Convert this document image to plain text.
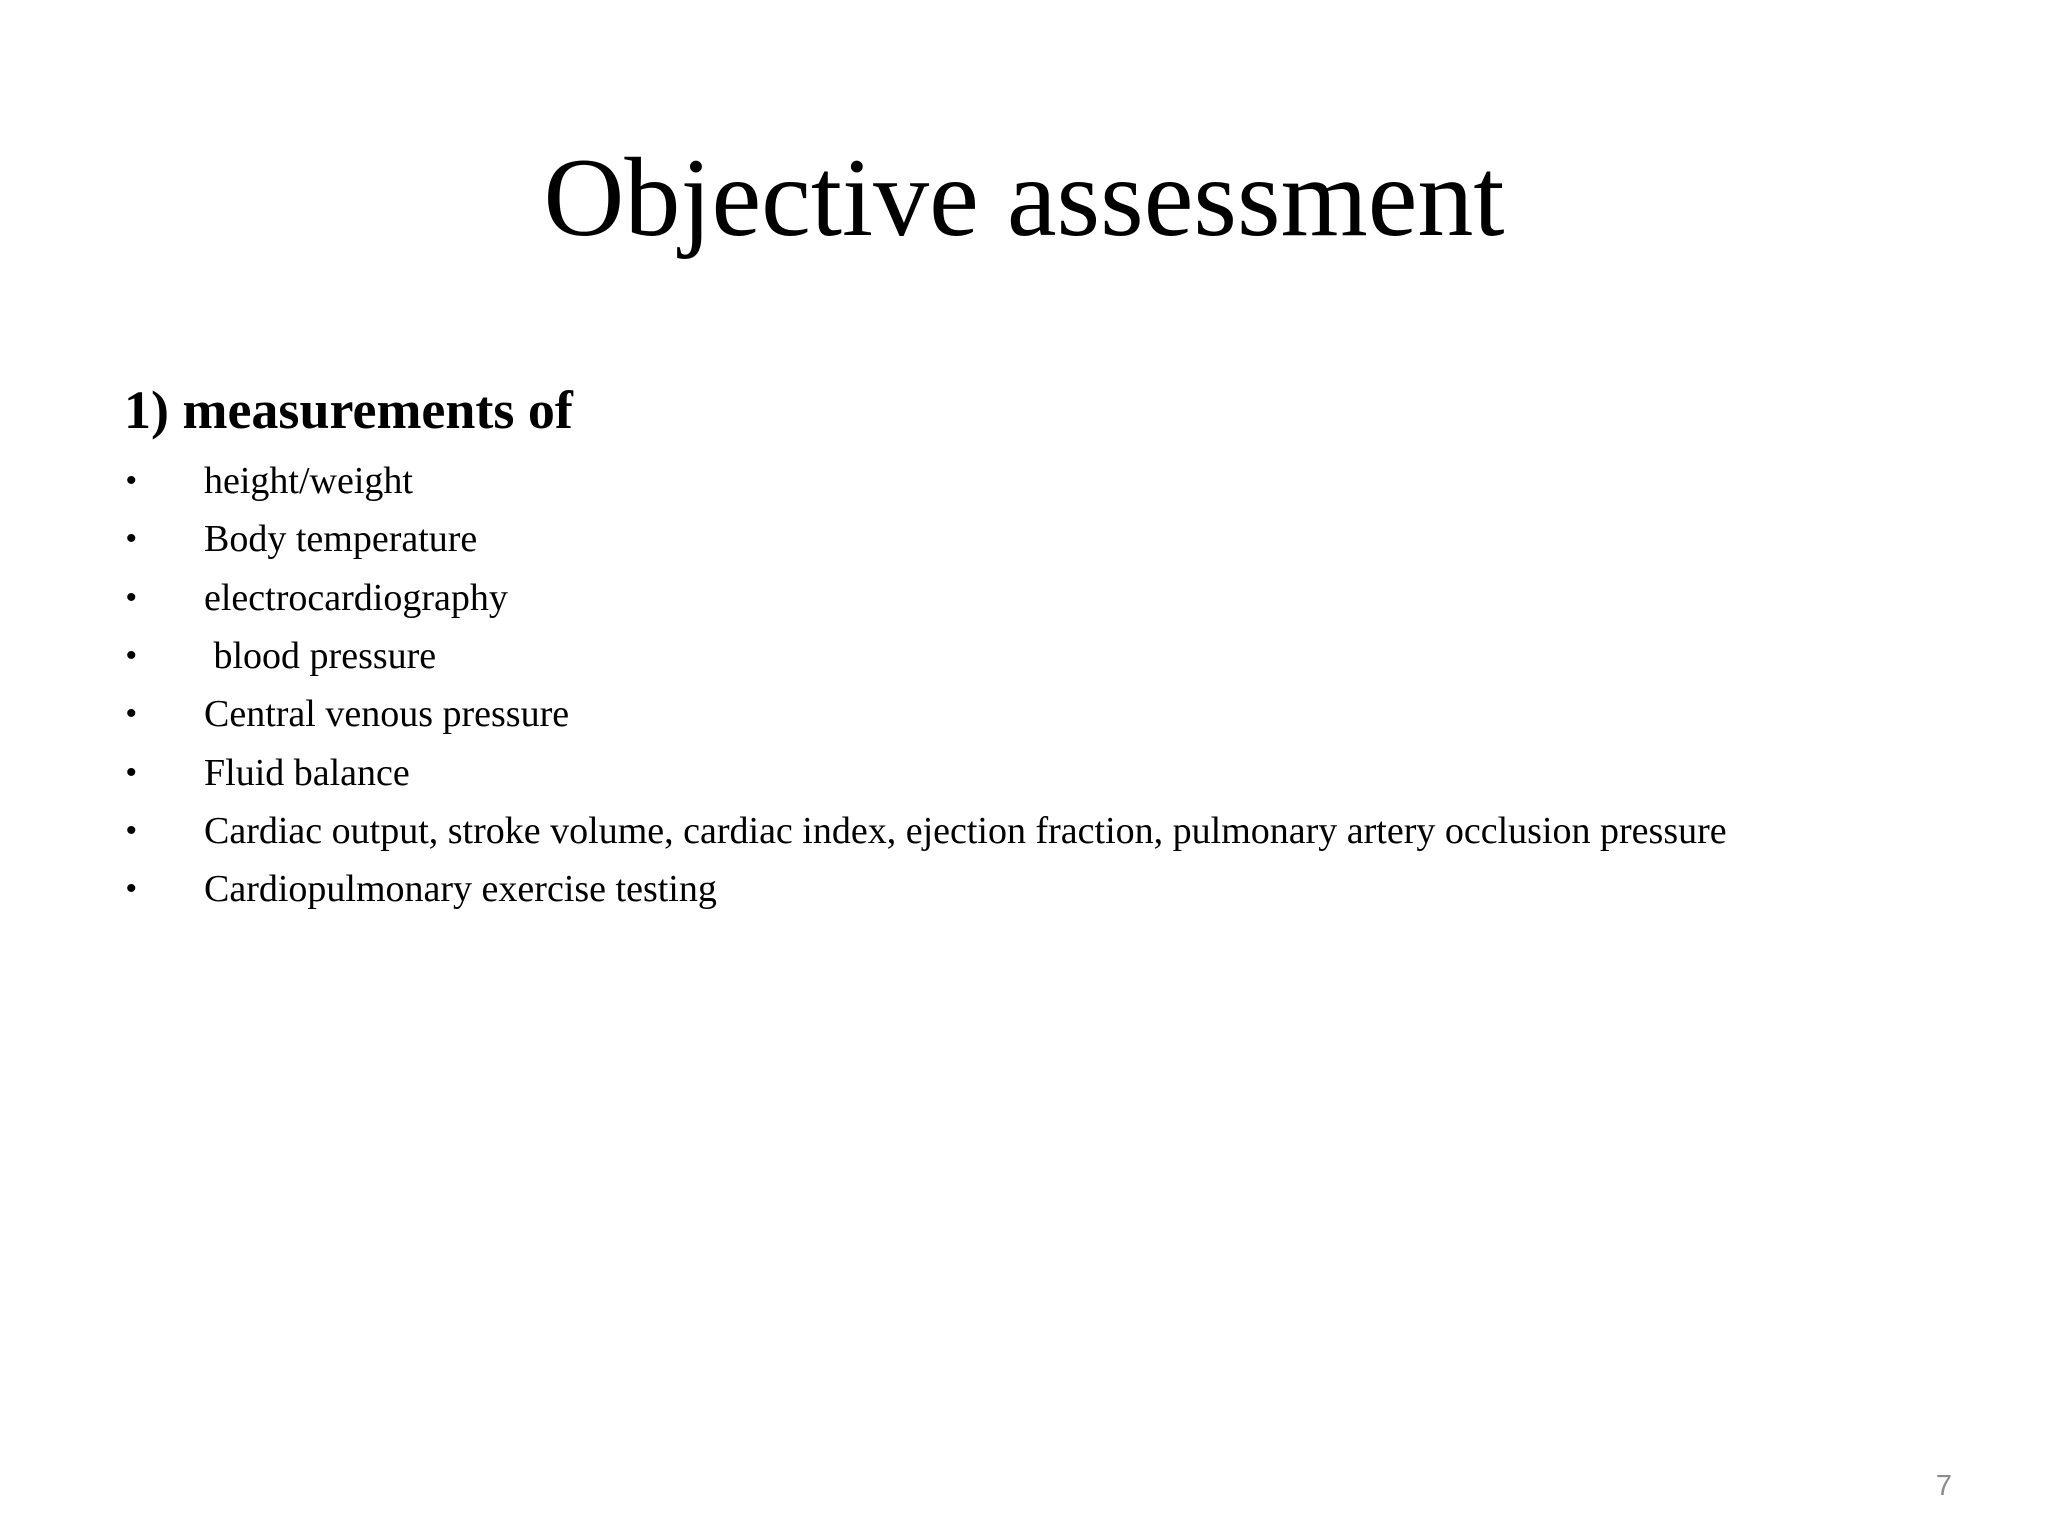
Objective assessment
1) measurements of
•	height/weight
•	Body temperature
•	electrocardiography
•	blood pressure
•	Central venous pressure
•	Fluid balance
•	Cardiac output, stroke volume, cardiac index, ejection fraction, pulmonary artery occlusion pressure
•	Cardiopulmonary exercise testing
7
